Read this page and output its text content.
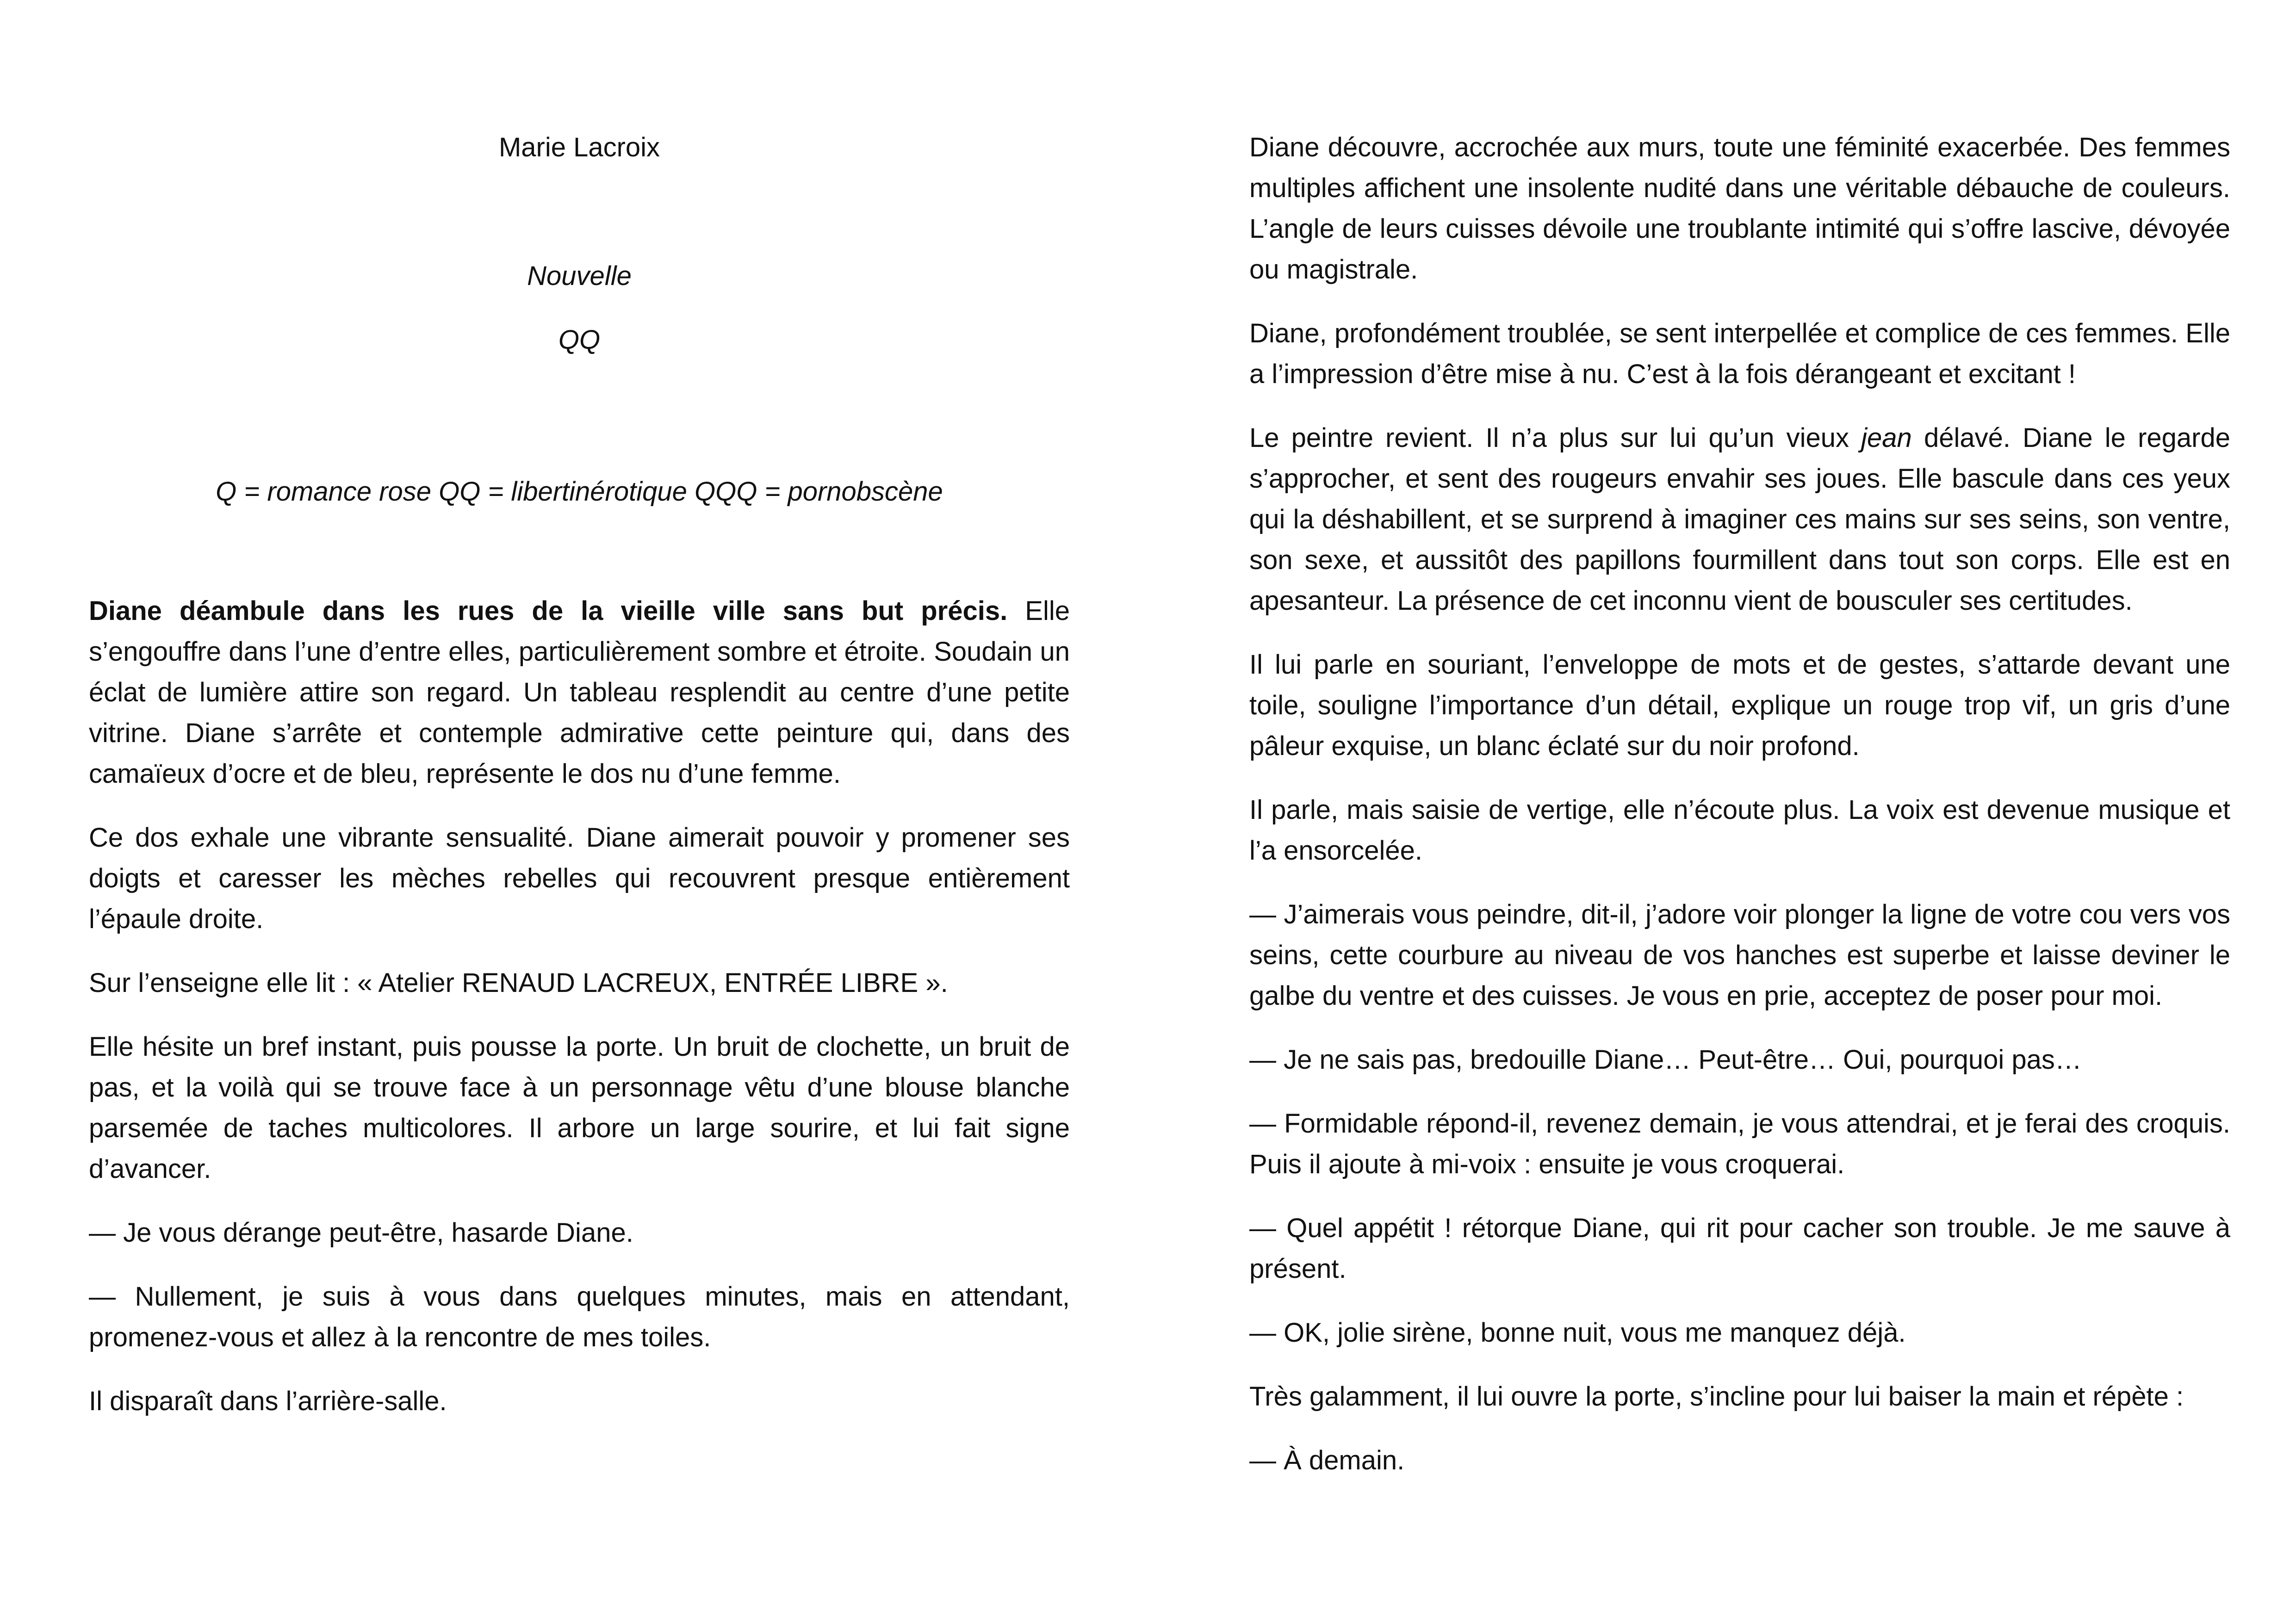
Marie Lacroix

Nouvelle

QQ

Q = romance rose QQ = libertinérotique QQQ = pornobscène

Diane déambule dans les rues de la vieille ville sans but précis. Elle s’engouffre dans l’une d’entre elles, particulièrement sombre et étroite. Soudain un éclat de lumière attire son regard. Un tableau resplendit au centre d’une petite vitrine. Diane s’arrête et contemple admirative cette peinture qui, dans des camaïeux d’ocre et de bleu, représente le dos nu d’une femme.

Ce dos exhale une vibrante sensualité. Diane aimerait pouvoir y promener ses doigts et caresser les mèches rebelles qui recouvrent presque entièrement l’épaule droite.

Sur l’enseigne elle lit : « Atelier RENAUD LACREUX, ENTRÉE LIBRE ».

Elle hésite un bref instant, puis pousse la porte. Un bruit de clochette, un bruit de pas, et la voilà qui se trouve face à un personnage vêtu d’une blouse blanche parsemée de taches multicolores. Il arbore un large sourire, et lui fait signe d’avancer.

— Je vous dérange peut-être, hasarde Diane.

— Nullement, je suis à vous dans quelques minutes, mais en attendant, promenez-vous et allez à la rencontre de mes toiles.

Il disparaît dans l’arrière-salle.

Diane découvre, accrochée aux murs, toute une féminité exacerbée. Des femmes multiples affichent une insolente nudité dans une véritable débauche de couleurs. L’angle de leurs cuisses dévoile une troublante intimité qui s’offre lascive, dévoyée ou magistrale.

Diane, profondément troublée, se sent interpellée et complice de ces femmes. Elle a l’impression d’être mise à nu. C’est à la fois dérangeant et excitant !

Le peintre revient. Il n’a plus sur lui qu’un vieux jean délavé. Diane le regarde s’approcher, et sent des rougeurs envahir ses joues. Elle bascule dans ces yeux qui la déshabillent, et se surprend à imaginer ces mains sur ses seins, son ventre, son sexe, et aussitôt des papillons fourmillent dans tout son corps. Elle est en apesanteur. La présence de cet inconnu vient de bousculer ses certitudes.

Il lui parle en souriant, l’enveloppe de mots et de gestes, s’attarde devant une toile, souligne l’importance d’un détail, explique un rouge trop vif, un gris d’une pâleur exquise, un blanc éclaté sur du noir profond.

Il parle, mais saisie de vertige, elle n’écoute plus. La voix est devenue musique et l’a ensorcelée.

— J’aimerais vous peindre, dit-il, j’adore voir plonger la ligne de votre cou vers vos seins, cette courbure au niveau de vos hanches est superbe et laisse deviner le galbe du ventre et des cuisses. Je vous en prie, acceptez de poser pour moi.

— Je ne sais pas, bredouille Diane… Peut-être… Oui, pourquoi pas…

— Formidable répond-il, revenez demain, je vous attendrai, et je ferai des croquis. Puis il ajoute à mi-voix : ensuite je vous croquerai.

— Quel appétit ! rétorque Diane, qui rit pour cacher son trouble. Je me sauve à présent.

— OK, jolie sirène, bonne nuit, vous me manquez déjà.

Très galamment, il lui ouvre la porte, s’incline pour lui baiser la main et répète :

— À demain.
